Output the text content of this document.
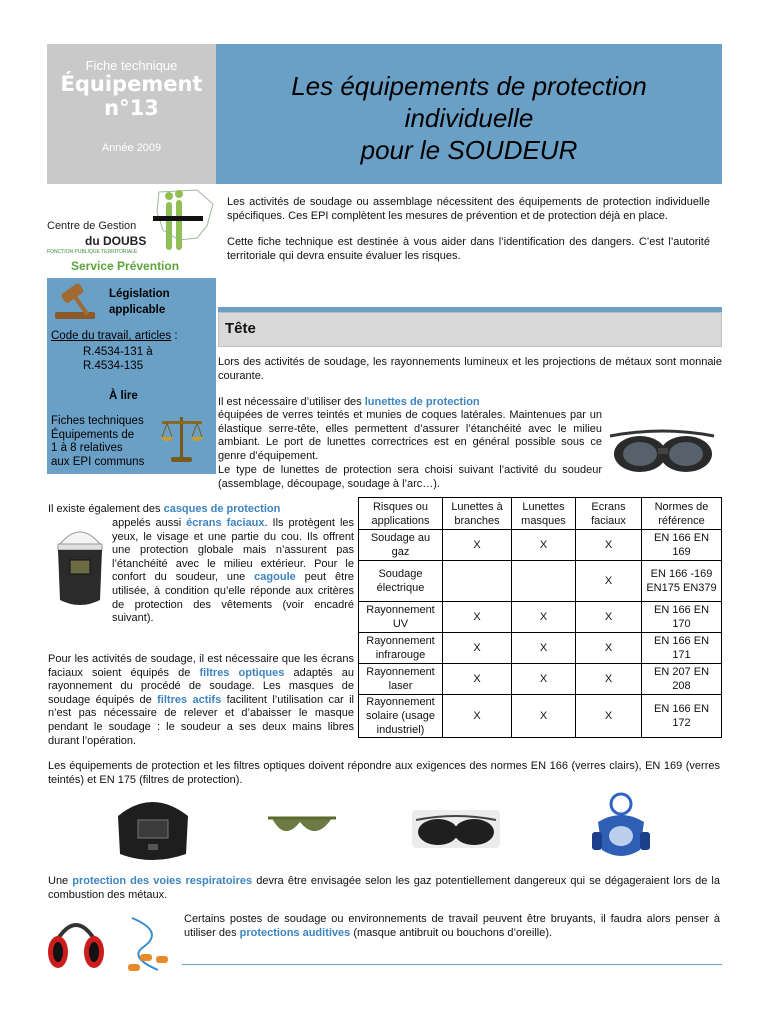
Fiche technique
Équipement
n°13
Année 2009
Les équipements de protection
individuelle
pour le SOUDEUR
Centre de Gestion
du DOUBS
FONCTION PUBLIQUE TERRITORIALE
Service Prévention
Législation
applicable
Code du travail, articles :
R.4534-131 à
R.4534-135
À lire
Fiches techniques
Équipements de
1 à 8 relatives
aux EPI communs

Les activités de soudage ou assemblage nécessitent des équipements de protection individuelle spécifiques. Ces EPI complètent les mesures de prévention et de protection déjà en place.

Cette fiche technique est destinée à vous aider dans l’identification des dangers. C’est l’autorité territoriale qui devra ensuite évaluer les risques.

Tête
Lors des activités de soudage, les rayonnements lumineux et les projections de métaux sont monnaie courante.
Il est nécessaire d’utiliser des lunettes de protection
équipées de verres teintés et munies de coques latérales. Maintenues par un élastique serre-tête, elles permettent d’assurer l’étanchéité avec le milieu ambiant. Le port de lunettes correctrices est en général possible sous ce genre d’équipement.
Le type de lunettes de protection sera choisi suivant l’activité du soudeur (assemblage, découpage, soudage à l’arc…).
Il existe également des casques de protection
appelés aussi écrans faciaux. Ils protègent les yeux, le visage et une partie du cou. Ils offrent une protection globale mais n’assurent pas l’étanchéité avec le milieu extérieur. Pour le confort du soudeur, une cagoule peut être utilisée, à condition qu’elle réponde aux critères de protection des vêtements (voir encadré suivant).
Pour les activités de soudage, il est nécessaire que les écrans faciaux soient équipés de filtres optiques adaptés au rayonnement du procédé de soudage. Les masques de soudage équipés de filtres actifs facilitent l’utilisation car il n’est pas nécessaire de relever et d’abaisser le masque pendant le soudage : le soudeur a ses deux mains libres durant l’opération.
Risques ou applications	Lunettes à branches	Lunettes masques	Ecrans faciaux	Normes de référence
Soudage au gaz	X	X	X	EN 166 EN 169
Soudage électrique			X	EN 166 -169 EN175 EN379
Rayonnement UV	X	X	X	EN 166 EN 170
Rayonnement infrarouge	X	X	X	EN 166 EN 171
Rayonnement laser	X	X	X	EN 207 EN 208
Rayonnement solaire (usage industriel)	X	X	X	EN 166 EN 172
Les équipements de protection et les filtres optiques doivent répondre aux exigences des normes EN 166 (verres clairs), EN 169 (verres teintés) et EN 175 (filtres de protection).
Une protection des voies respiratoires devra être envisagée selon les gaz potentiellement dangereux qui se dégageraient lors de la combustion des métaux.
Certains postes de soudage ou environnements de travail peuvent être bruyants, il faudra alors penser à utiliser des protections auditives (masque antibruit ou bouchons d’oreille).
